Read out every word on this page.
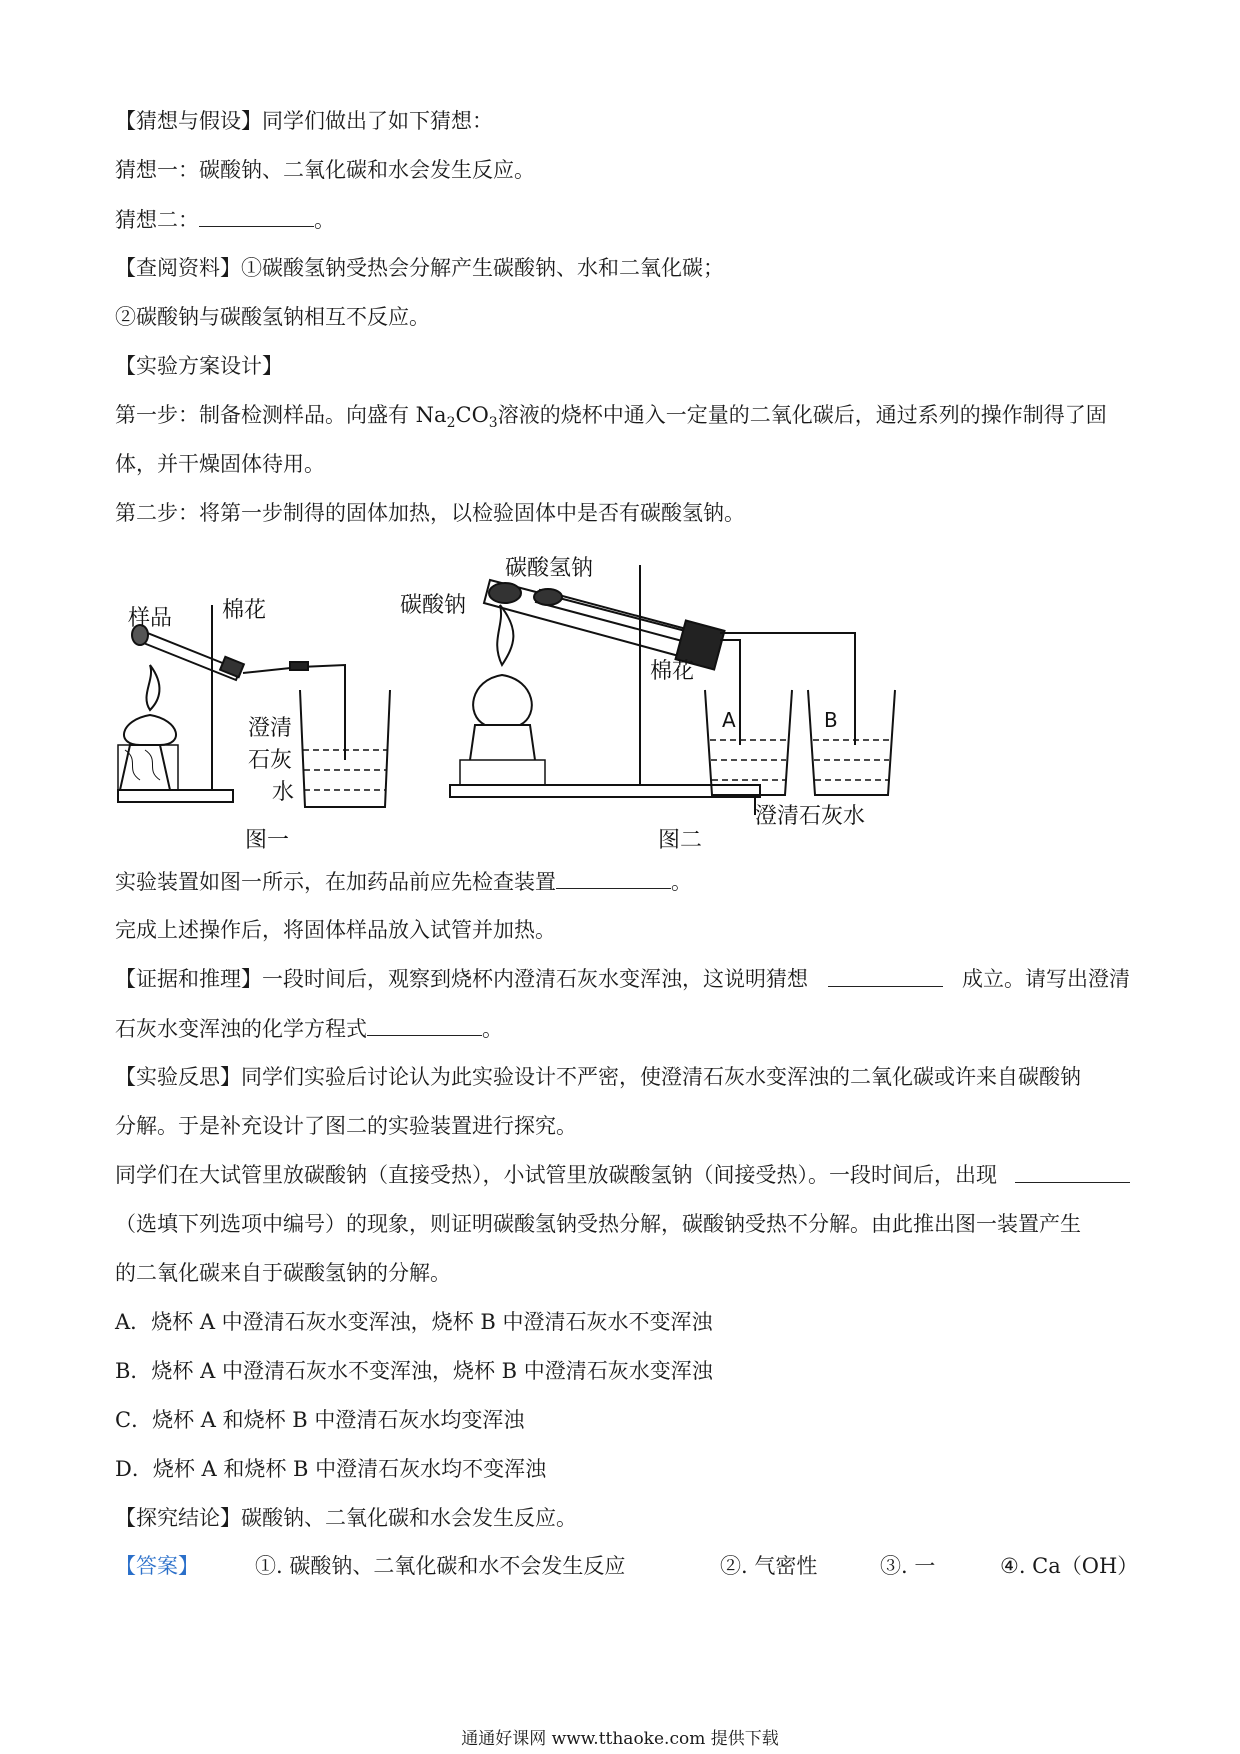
【猜想与假设】同学们做出了如下猜想：
猜想一：碳酸钠、二氧化碳和水会发生反应。
猜想二：	。
【查阅资料】①碳酸氢钠受热会分解产生碳酸钠、水和二氧化碳；
②碳酸钠与碳酸氢钠相互不反应。
【实验方案设计】
第一步：制备检测样品。向盛有 $Na_2CO_3$溶液的烧杯中通入一定量的二氧化碳后，通过系列的操作制得了固
体，并干燥固体待用。
第二步：将第一步制得的固体加热，以检验固体中是否有碳酸氢钠。
样品 棉花
澄清
石灰
水
图一
碳酸氢钠
碳酸钠
棉花
A	B
澄清石灰水
图二
实验装置如图一所示，在加药品前应先检查装置	。
完成上述操作后，将固体样品放入试管并加热。
【证据和推理】一段时间后，观察到烧杯内澄清石灰水变浑浊，这说明猜想	成立。请写出澄清
石灰水变浑浊的化学方程式	。
【实验反思】同学们实验后讨论认为此实验设计不严密，使澄清石灰水变浑浊的二氧化碳或许来自碳酸钠
分解。于是补充设计了图二的实验装置进行探究。
同学们在大试管里放碳酸钠（直接受热），小试管里放碳酸氢钠（间接受热）。一段时间后，出现
（选填下列选项中编号）的现象，则证明碳酸氢钠受热分解，碳酸钠受热不分解。由此推出图一装置产生
的二氧化碳来自于碳酸氢钠的分解。
A．烧杯 A 中澄清石灰水变浑浊，烧杯 B 中澄清石灰水不变浑浊
B．烧杯 A 中澄清石灰水不变浑浊，烧杯 B 中澄清石灰水变浑浊
C．烧杯 A 和烧杯 B 中澄清石灰水均变浑浊
D．烧杯 A 和烧杯 B 中澄清石灰水均不变浑浊
【探究结论】碳酸钠、二氧化碳和水会发生反应。
【答案】	①. 碳酸钠、二氧化碳和水不会发生反应	②. 气密性	③. 一	④. Ca（OH）
通通好课网 www.tthaoke.com 提供下载
